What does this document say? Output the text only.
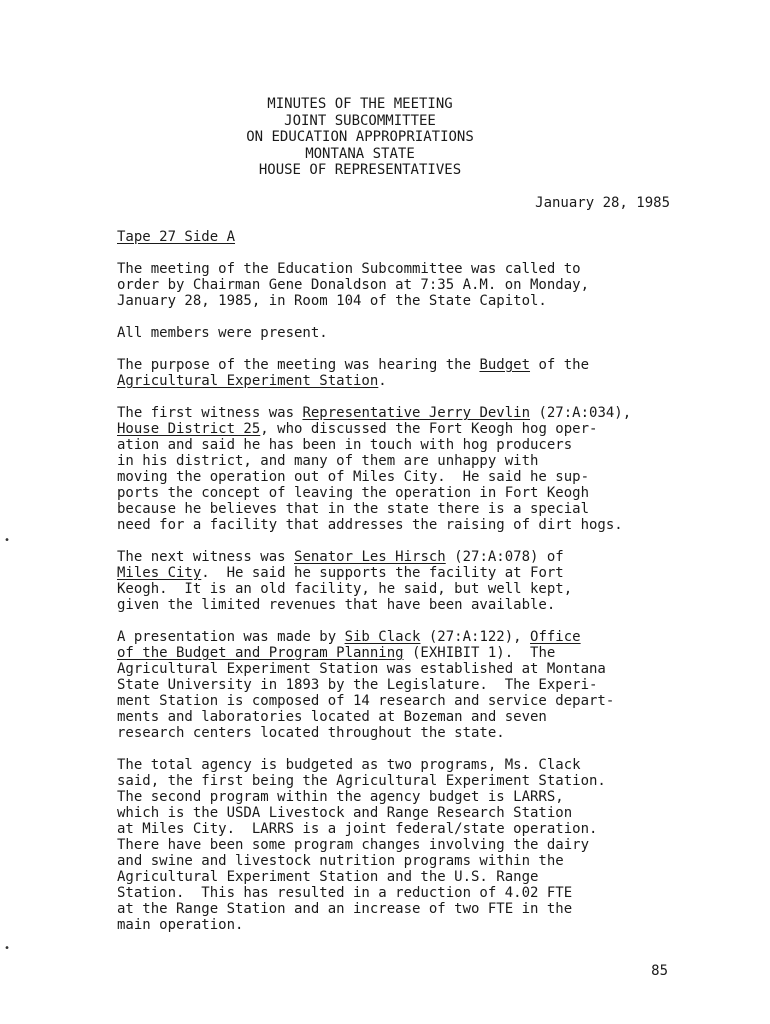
MINUTES OF THE MEETING
JOINT SUBCOMMITTEE
ON EDUCATION APPROPRIATIONS
MONTANA STATE
HOUSE OF REPRESENTATIVES
January 28, 1985

Tape 27 Side A

The meeting of the Education Subcommittee was called to
order by Chairman Gene Donaldson at 7:35 A.M. on Monday,
January 28, 1985, in Room 104 of the State Capitol.

All members were present.

The purpose of the meeting was hearing the Budget of the
Agricultural Experiment Station.

The first witness was Representative Jerry Devlin (27:A:034),
House District 25, who discussed the Fort Keogh hog oper-
ation and said he has been in touch with hog producers
in his district, and many of them are unhappy with
moving the operation out of Miles City.  He said he sup-
ports the concept of leaving the operation in Fort Keogh
because he believes that in the state there is a special
need for a facility that addresses the raising of dirt hogs.

The next witness was Senator Les Hirsch (27:A:078) of
Miles City.  He said he supports the facility at Fort
Keogh.  It is an old facility, he said, but well kept,
given the limited revenues that have been available.

A presentation was made by Sib Clack (27:A:122), Office
of the Budget and Program Planning (EXHIBIT 1).  The
Agricultural Experiment Station was established at Montana
State University in 1893 by the Legislature.  The Experi-
ment Station is composed of 14 research and service depart-
ments and laboratories located at Bozeman and seven
research centers located throughout the state.

The total agency is budgeted as two programs, Ms. Clack
said, the first being the Agricultural Experiment Station.
The second program within the agency budget is LARRS,
which is the USDA Livestock and Range Research Station
at Miles City.  LARRS is a joint federal/state operation.
There have been some program changes involving the dairy
and swine and livestock nutrition programs within the
Agricultural Experiment Station and the U.S. Range
Station.  This has resulted in a reduction of 4.02 FTE
at the Range Station and an increase of two FTE in the
main operation.

85
•
•
